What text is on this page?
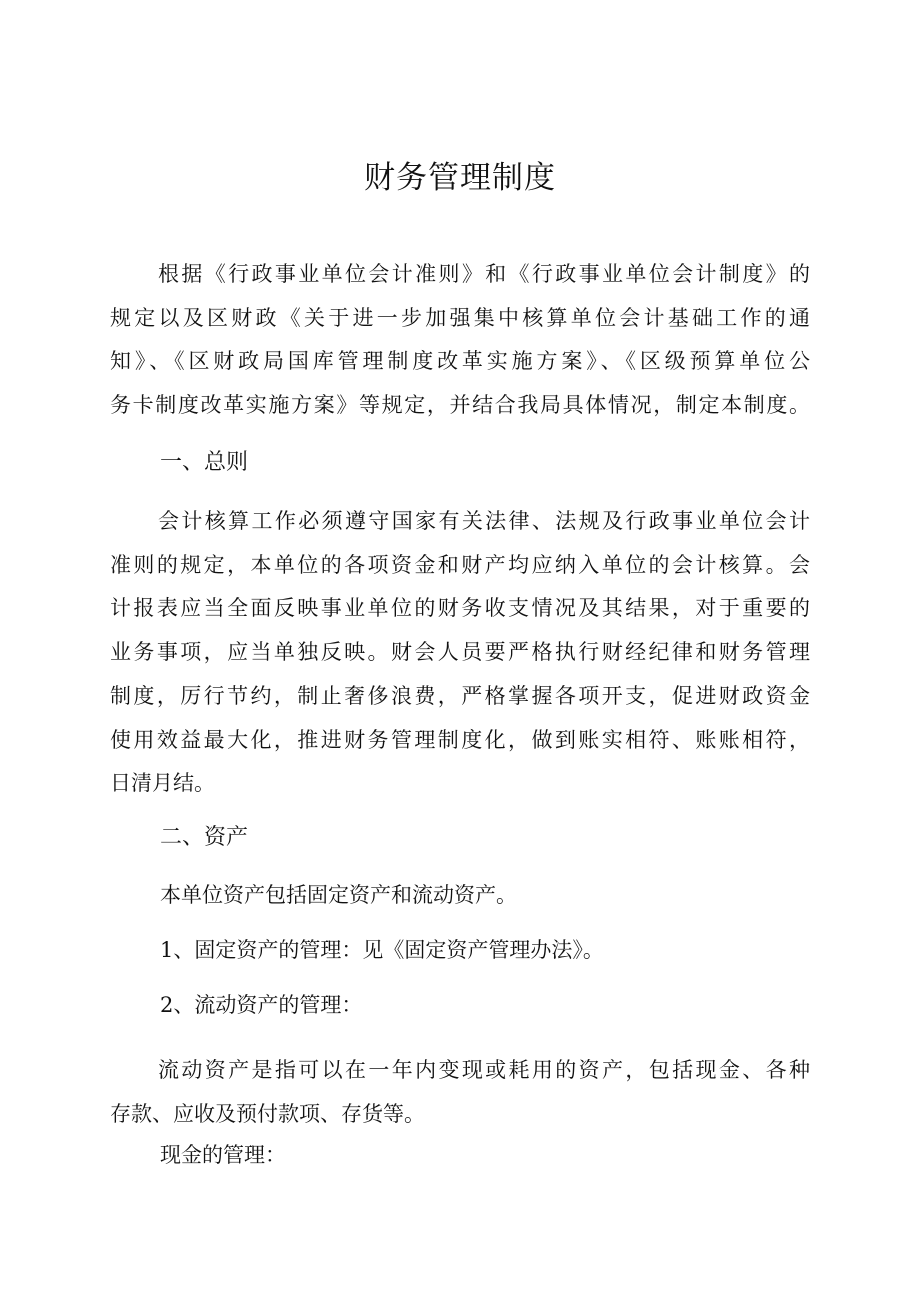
财务管理制度
根据《行政事业单位会计准则》和《行政事业单位会计制度》的
规定以及区财政《关于进一步加强集中核算单位会计基础工作的通
知》、《区财政局国库管理制度改革实施方案》、《区级预算单位公
务卡制度改革实施方案》等规定，并结合我局具体情况，制定本制度。
一、总则
会计核算工作必须遵守国家有关法律、法规及行政事业单位会计
准则的规定，本单位的各项资金和财产均应纳入单位的会计核算。会
计报表应当全面反映事业单位的财务收支情况及其结果，对于重要的
业务事项，应当单独反映。财会人员要严格执行财经纪律和财务管理
制度，厉行节约，制止奢侈浪费，严格掌握各项开支，促进财政资金
使用效益最大化，推进财务管理制度化，做到账实相符、账账相符，
日清月结。
二、资产
本单位资产包括固定资产和流动资产。
1、固定资产的管理：见《固定资产管理办法》。
2、流动资产的管理：
流动资产是指可以在一年内变现或耗用的资产，包括现金、各种
存款、应收及预付款项、存货等。
现金的管理：
